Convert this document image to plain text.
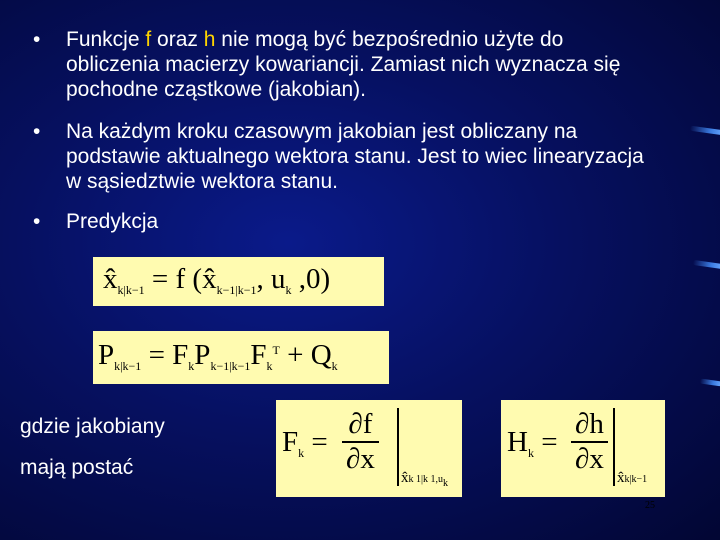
• Funkcje f oraz h nie mogą być bezpośrednio użyte do obliczenia macierzy kowariancji. Zamiast nich wyznacza się pochodne cząstkowe (jakobian).
• Na każdym kroku czasowym jakobian jest obliczany na podstawie aktualnego wektora stanu. Jest to wiec linearyzacja w sąsiedztwie wektora stanu.
• Predykcja
$x̂_{k|k-1} = f$ ($x̂_{k-1|k-1}$, $u_k$ ,0)
$P_{k|k-1} = F_kP_{k-1|k-1}F_k^T + Q_k$
gdzie jakobiany
mają postać
$F_k = \frac{\partial f}{\partial x}$
x̂k 1|k $1,u_k$
$H_k = \frac{\partial h}{\partial x}$
x̂k|k−1
25
